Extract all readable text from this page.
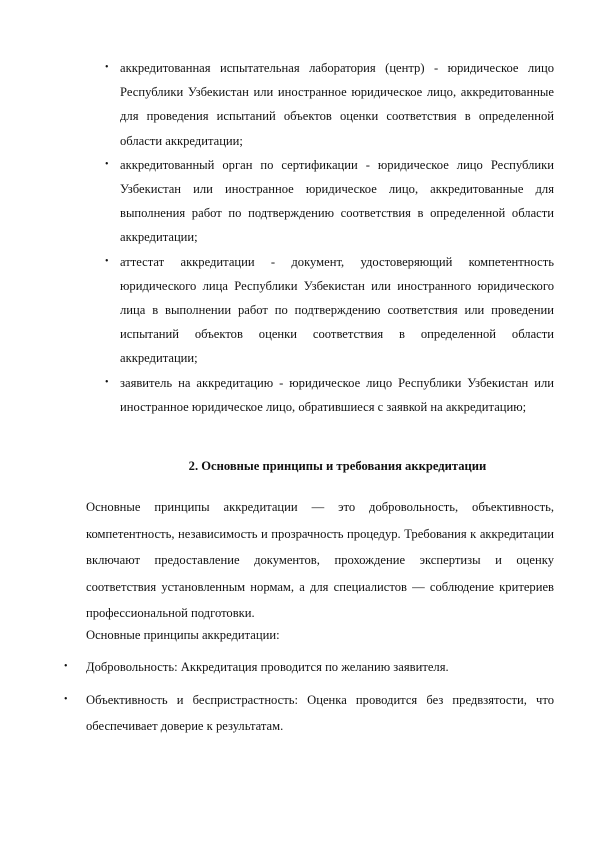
• аккредитованная испытательная лаборатория (центр) - юридическое лицо Республики Узбекистан или иностранное юридическое лицо, аккредитованные для проведения испытаний объектов оценки соответствия в определенной области аккредитации;
• аккредитованный орган по сертификации - юридическое лицо Республики Узбекистан или иностранное юридическое лицо, аккредитованные для выполнения работ по подтверждению соответствия в определенной области аккредитации;
• аттестат аккредитации - документ, удостоверяющий компетентность юридического лица Республики Узбекистан или иностранного юридического лица в выполнении работ по подтверждению соответствия или проведении испытаний объектов оценки соответствия в определенной области аккредитации;
• заявитель на аккредитацию - юридическое лицо Республики Узбекистан или иностранное юридическое лицо, обратившиеся с заявкой на аккредитацию;
2. Основные принципы и требования аккредитации

Основные принципы аккредитации — это добровольность, объективность, компетентность, независимость и прозрачность процедур. Требования к аккредитации включают предоставление документов, прохождение экспертизы и оценку соответствия установленным нормам, а для специалистов — соблюдение критериев профессиональной подготовки.

Основные принципы аккредитации:

• Добровольность: Аккредитация проводится по желанию заявителя.
• Объективность и беспристрастность: Оценка проводится без предвзятости, что обеспечивает доверие к результатам.
